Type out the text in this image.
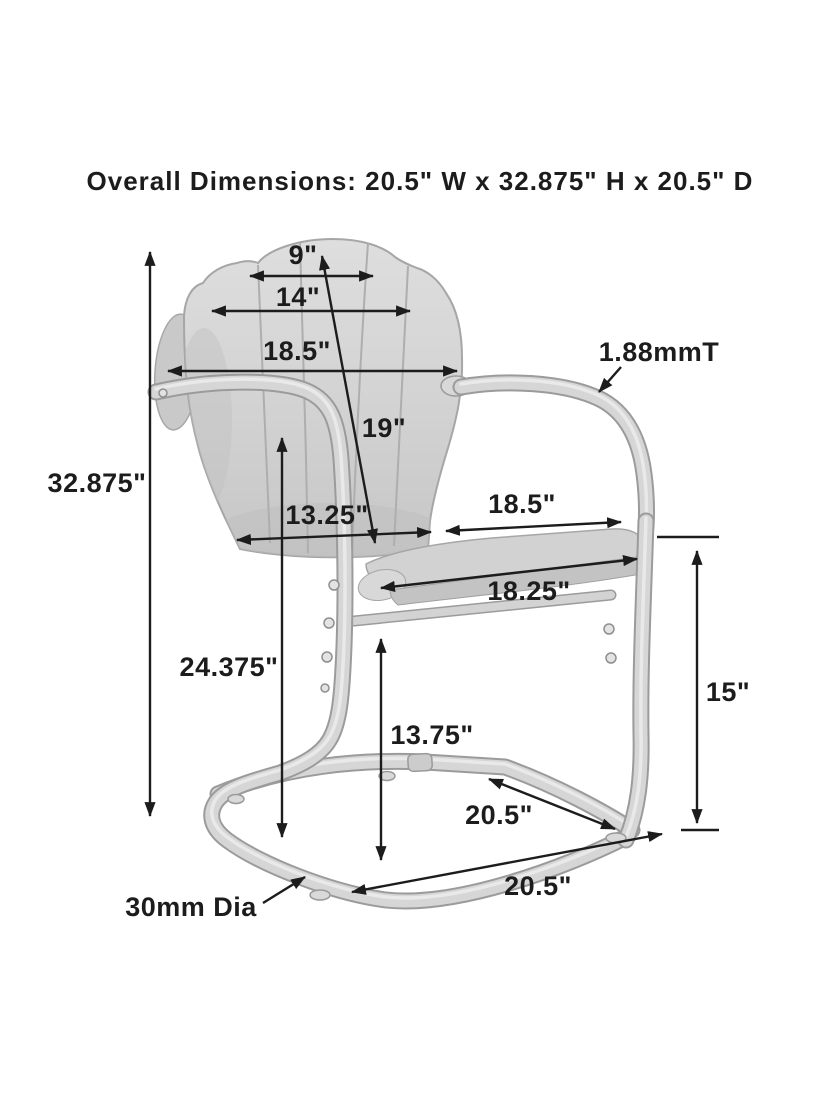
9"
14"
18.5"
19"
1.88mmT
32.875"
13.25"	18.5"
18.25"
24.375"
13.75"
15"
20.5"
20.5"
30mm Dia
Overall Dimensions: 20.5" W x 32.875" H x 20.5" D
